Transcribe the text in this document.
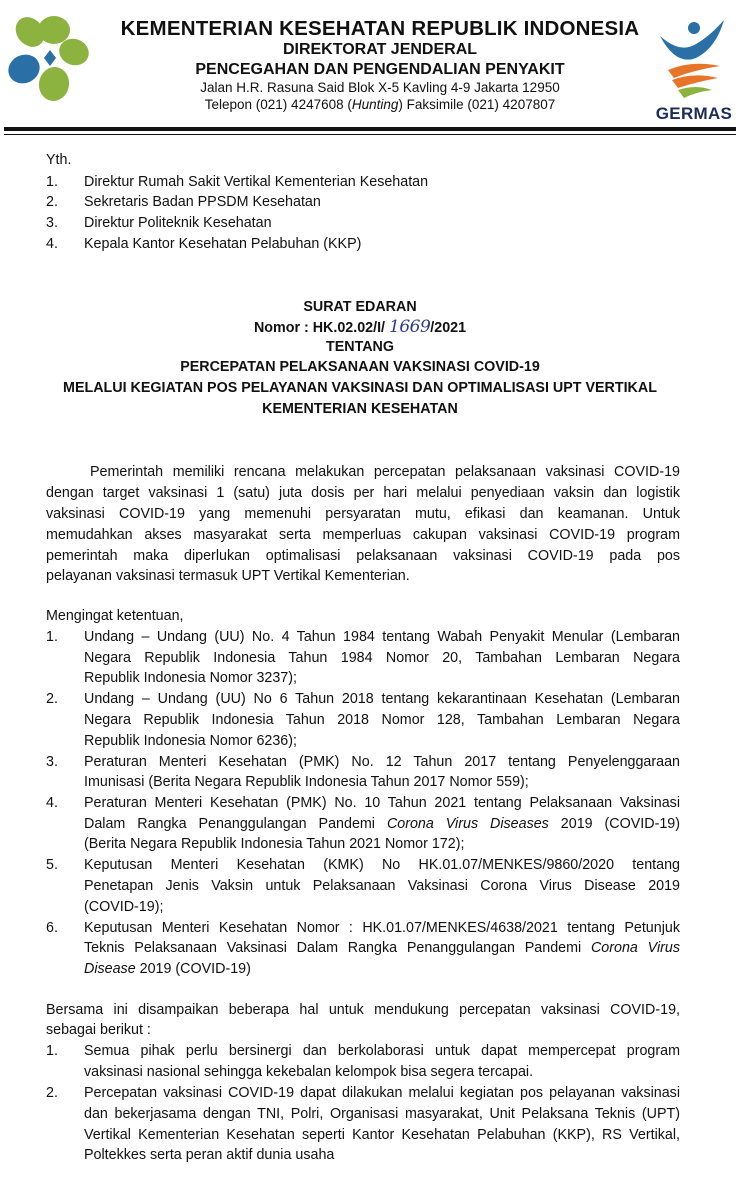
KEMENTERIAN KESEHATAN REPUBLIK INDONESIA
DIREKTORAT JENDERAL
PENCEGAHAN DAN PENGENDALIAN PENYAKIT
Jalan H.R. Rasuna Said Blok X-5 Kavling 4-9 Jakarta 12950
Telepon (021) 4247608 (Hunting) Faksimile (021) 4207807	GERMAS
Yth.
1. Direktur Rumah Sakit Vertikal Kementerian Kesehatan
2. Sekretaris Badan PPSDM Kesehatan
3. Direktur Politeknik Kesehatan
4. Kepala Kantor Kesehatan Pelabuhan (KKP)
SURAT EDARAN
Nomor : HK.02.02/I/ 1669/2021
TENTANG
PERCEPATAN PELAKSANAAN VAKSINASI COVID-19
MELALUI KEGIATAN POS PELAYANAN VAKSINASI DAN OPTIMALISASI UPT VERTIKAL
KEMENTERIAN KESEHATAN
Pemerintah memiliki rencana melakukan percepatan pelaksanaan vaksinasi COVID-19
dengan target vaksinasi 1 (satu) juta dosis per hari melalui penyediaan vaksin dan logistik
vaksinasi COVID-19 yang memenuhi persyaratan mutu, efikasi dan keamanan. Untuk
memudahkan akses masyarakat serta memperluas cakupan vaksinasi COVID-19 program
pemerintah maka diperlukan optimalisasi pelaksanaan vaksinasi COVID-19 pada pos
pelayanan vaksinasi termasuk UPT Vertikal Kementerian.
Mengingat ketentuan,
1. Undang – Undang (UU) No. 4 Tahun 1984 tentang Wabah Penyakit Menular (Lembaran
Negara Republik Indonesia Tahun 1984 Nomor 20, Tambahan Lembaran Negara
Republik Indonesia Nomor 3237);
2. Undang – Undang (UU) No 6 Tahun 2018 tentang kekarantinaan Kesehatan (Lembaran
Negara Republik Indonesia Tahun 2018 Nomor 128, Tambahan Lembaran Negara
Republik Indonesia Nomor 6236);
3. Peraturan Menteri Kesehatan (PMK) No. 12 Tahun 2017 tentang Penyelenggaraan
Imunisasi (Berita Negara Republik Indonesia Tahun 2017 Nomor 559);
4. Peraturan Menteri Kesehatan (PMK) No. 10 Tahun 2021 tentang Pelaksanaan Vaksinasi
Dalam Rangka Penanggulangan Pandemi Corona Virus Diseases 2019 (COVID-19)
(Berita Negara Republik Indonesia Tahun 2021 Nomor 172);
5. Keputusan Menteri Kesehatan (KMK) No HK.01.07/MENKES/9860/2020 tentang
Penetapan Jenis Vaksin untuk Pelaksanaan Vaksinasi Corona Virus Disease 2019
(COVID-19);
6. Keputusan Menteri Kesehatan Nomor : HK.01.07/MENKES/4638/2021 tentang Petunjuk
Teknis Pelaksanaan Vaksinasi Dalam Rangka Penanggulangan Pandemi Corona Virus
Disease 2019 (COVID-19)
Bersama ini disampaikan beberapa hal untuk mendukung percepatan vaksinasi COVID-19,
sebagai berikut :
1. Semua pihak perlu bersinergi dan berkolaborasi untuk dapat mempercepat program
vaksinasi nasional sehingga kekebalan kelompok bisa segera tercapai.
2. Percepatan vaksinasi COVID-19 dapat dilakukan melalui kegiatan pos pelayanan vaksinasi
dan bekerjasama dengan TNI, Polri, Organisasi masyarakat, Unit Pelaksana Teknis (UPT)
Vertikal Kementerian Kesehatan seperti Kantor Kesehatan Pelabuhan (KKP), RS Vertikal,
Poltekkes serta peran aktif dunia usaha
